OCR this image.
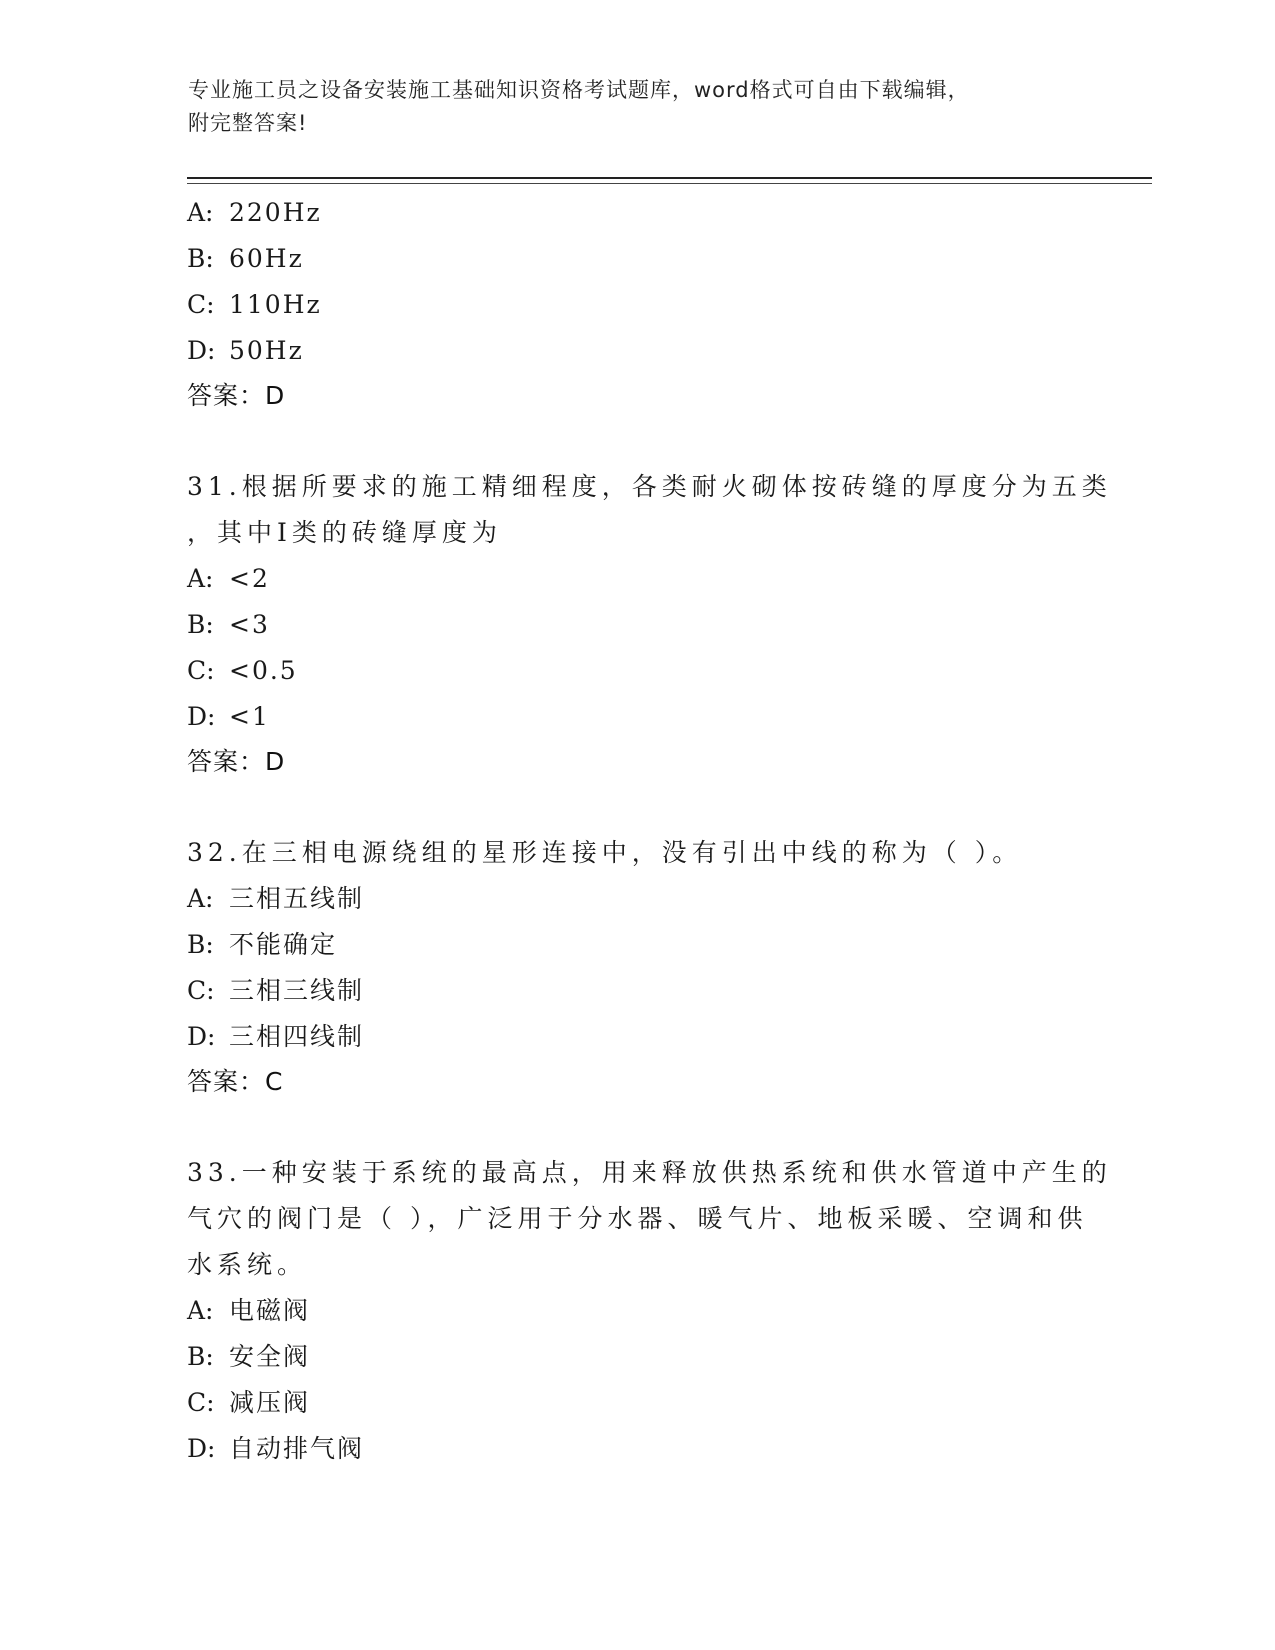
专业施工员之设备安装施工基础知识资格考试题库，word格式可自由下载编辑，
附完整答案!
A: 220Hz
B: 60Hz
C: 110Hz
D: 50Hz
答案：D
31.根据所要求的施工精细程度，各类耐火砌体按砖缝的厚度分为五类
，其中Ⅰ类的砖缝厚度为
A: <2
B: <3
C: <0.5
D: <1
答案：D
32.在三相电源绕组的星形连接中，没有引出中线的称为（ ）。
A: 三相五线制
B: 不能确定
C: 三相三线制
D: 三相四线制
答案：C
33.一种安装于系统的最高点，用来释放供热系统和供水管道中产生的
气穴的阀门是（ ），广泛用于分水器、暖气片、地板采暖、空调和供
水系统。
A: 电磁阀
B: 安全阀
C: 减压阀
D: 自动排气阀
